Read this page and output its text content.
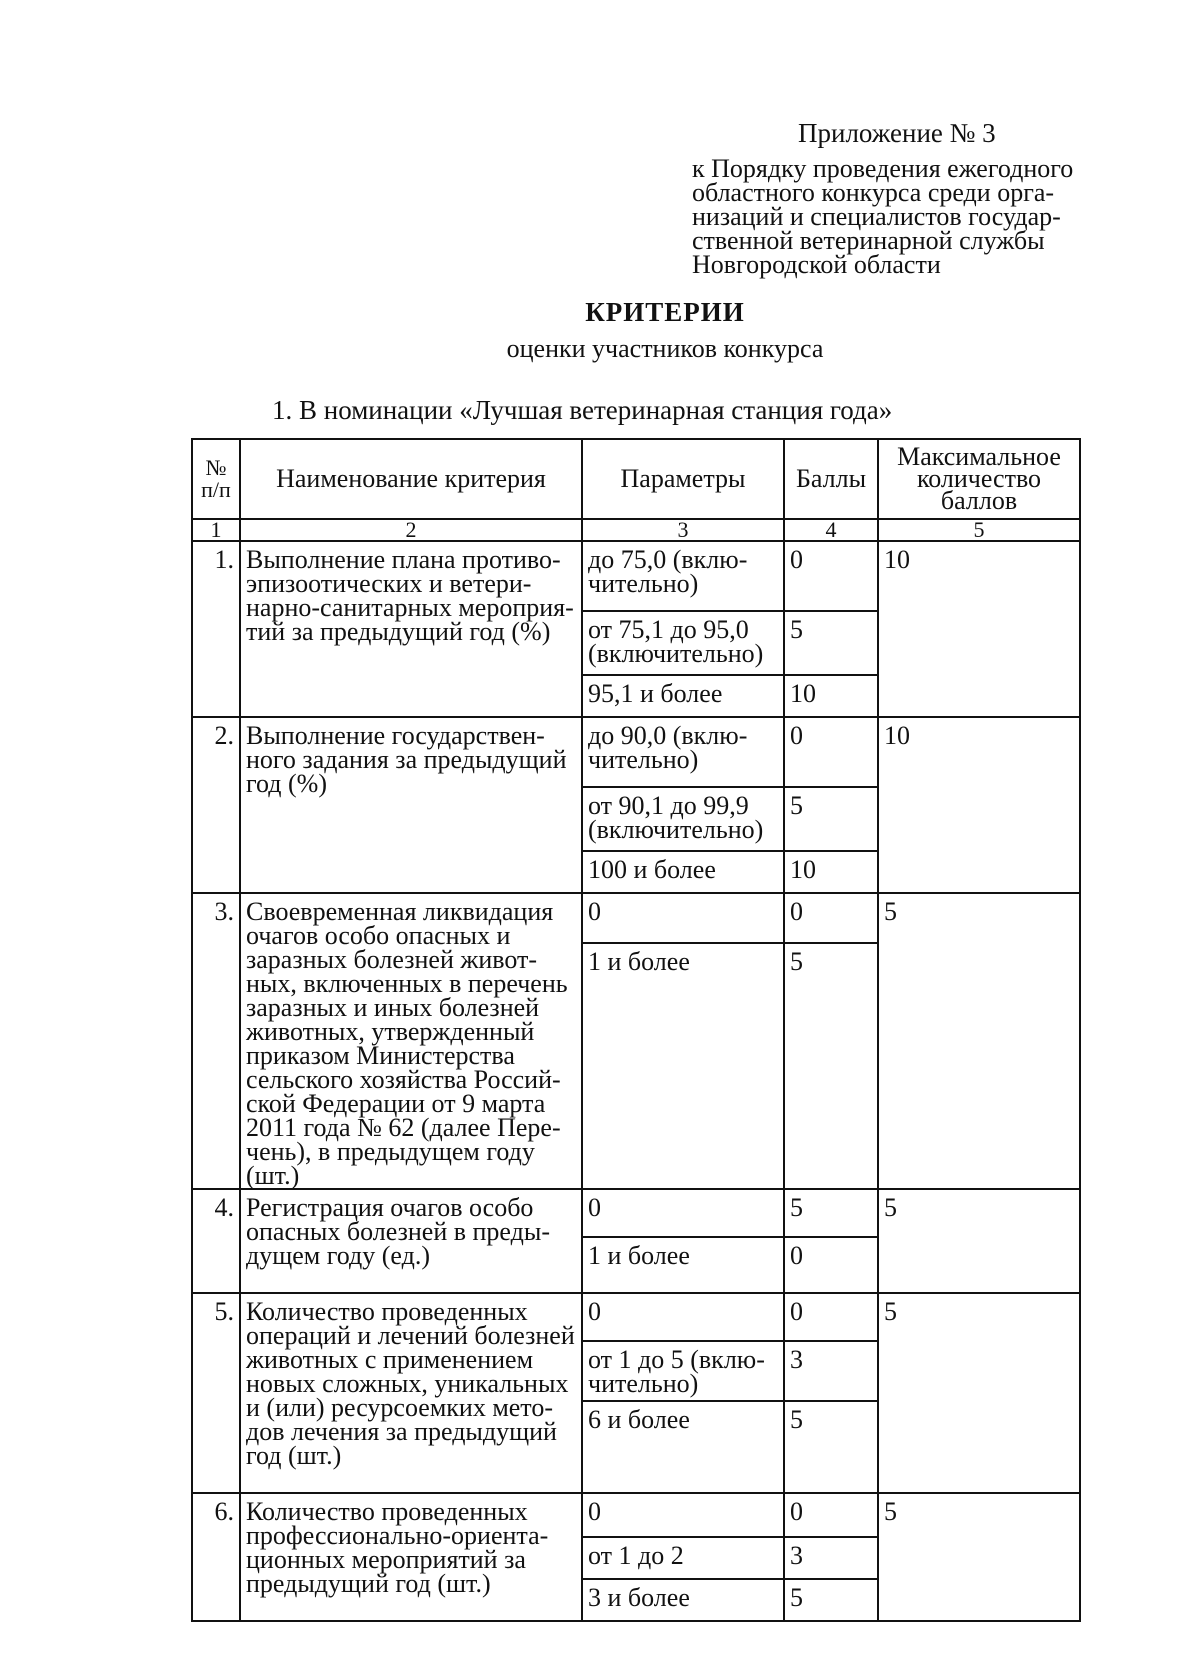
Приложение № 3
к Порядку проведения ежегодного
областного конкурса среди орга-
низаций и специалистов государ-
ственной ветеринарной службы
Новгородской области
КРИТЕРИИ
оценки участников конкурса
1. В номинации «Лучшая ветеринарная станция года»
№ п/п	Наименование критерия	Параметры	Баллы	Максимальное количество баллов
1	2	3	4	5
1.	Выполнение плана противо-эпизоотических и ветери-нарно-санитарных мероприя-тий за предыдущий год (%)	до 75,0 (вклю-чительно)	0	10
		от 75,1 до 95,0 (включительно)	5	
		95,1 и более	10	
2.	Выполнение государствен-ного задания за предыдущий год (%)	до 90,0 (вклю-чительно)	0	10
		от 90,1 до 99,9 (включительно)	5	
		100 и более	10	
3.	Своевременная ликвидация очагов особо опасных и заразных болезней живот-ных, включенных в перечень заразных и иных болезней животных, утвержденный приказом Министерства сельского хозяйства Россий-ской Федерации от 9 марта 2011 года № 62 (далее Пере-чень), в предыдущем году (шт.)	0	0	5
		1 и более	5	
4.	Регистрация очагов особо опасных болезней в преды-дущем году (ед.)	0	5	5
		1 и более	0	
5.	Количество проведенных операций и лечений болезней животных с применением новых сложных, уникальных и (или) ресурсоемких мето-дов лечения за предыдущий год (шт.)	0	0	5
		от 1 до 5 (вклю-чительно)	3	
		6 и более	5	
6.	Количество проведенных профессионально-ориента-ционных мероприятий за предыдущий год (шт.)	0	0	5
		от 1 до 2	3	
		3 и более	5	
